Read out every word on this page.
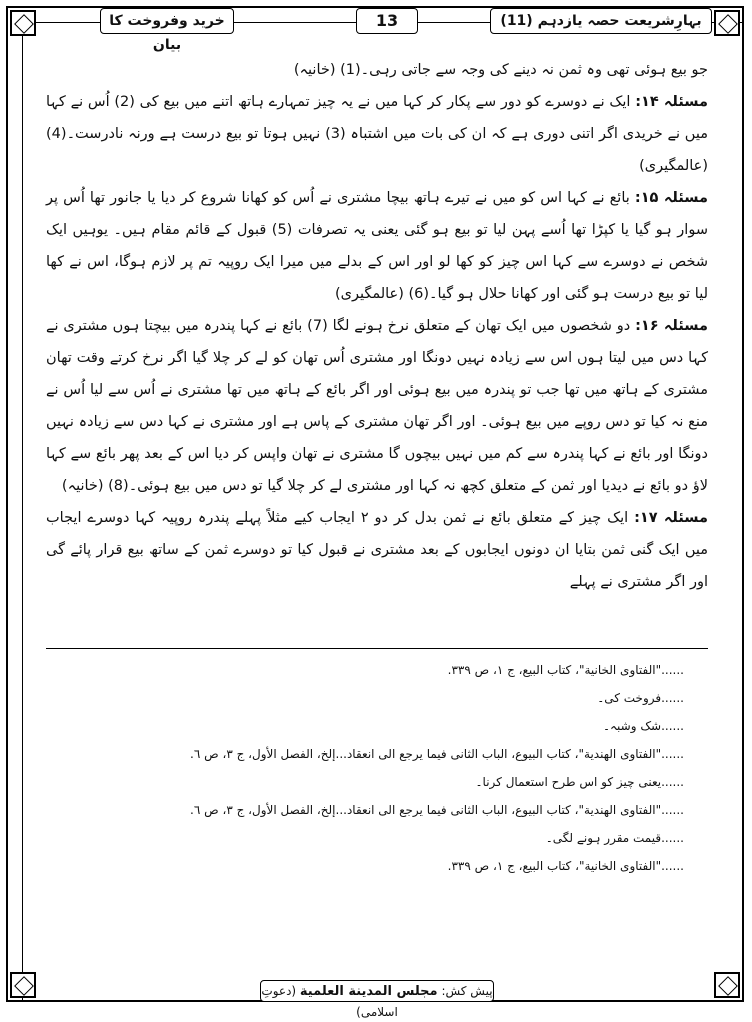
بہارِشریعت حصہ یازدہم (11)
13
خرید وفروخت کا بیان

جو بیع ہوئی تھی وہ ثمن نہ دینے کی وجہ سے جاتی رہی۔(1) (خانیہ)

مسئلہ ۱۴: ایک نے دوسرے کو دور سے پکار کر کہا میں نے یہ چیز تمہارے ہاتھ اتنے میں بیع کی (2) اُس نے کہا میں نے خریدی اگر اتنی دوری ہے کہ ان کی بات میں اشتباہ (3) نہیں ہوتا تو بیع درست ہے ورنہ نادرست۔(4) (عالمگیری)

مسئلہ ۱۵: بائع نے کہا اس کو میں نے تیرے ہاتھ بیچا مشتری نے اُس کو کھانا شروع کر دیا یا جانور تھا اُس پر سوار ہو گیا یا کپڑا تھا اُسے پہن لیا تو بیع ہو گئی یعنی یہ تصرفات (5) قبول کے قائم مقام ہیں۔ یوہیں ایک شخص نے دوسرے سے کہا اس چیز کو کھا لو اور اس کے بدلے میں میرا ایک روپیہ تم پر لازم ہوگا، اس نے کھا لیا تو بیع درست ہو گئی اور کھانا حلال ہو گیا۔(6) (عالمگیری)

مسئلہ ۱۶: دو شخصوں میں ایک تھان کے متعلق نرخ ہونے لگا (7) بائع نے کہا پندرہ میں بیچتا ہوں مشتری نے کہا دس میں لیتا ہوں اس سے زیادہ نہیں دونگا اور مشتری اُس تھان کو لے کر چلا گیا اگر نرخ کرتے وقت تھان مشتری کے ہاتھ میں تھا جب تو پندرہ میں بیع ہوئی اور اگر بائع کے ہاتھ میں تھا مشتری نے اُس سے لیا اُس نے منع نہ کیا تو دس روپے میں بیع ہوئی۔ اور اگر تھان مشتری کے پاس ہے اور مشتری نے کہا دس سے زیادہ نہیں دونگا اور بائع نے کہا پندرہ سے کم میں نہیں بیچوں گا مشتری نے تھان واپس کر دیا اس کے بعد پھر بائع سے کہا لاؤ دو بائع نے دیدیا اور ثمن کے متعلق کچھ نہ کہا اور مشتری لے کر چلا گیا تو دس میں بیع ہوئی۔(8) (خانیہ)

مسئلہ ۱۷: ایک چیز کے متعلق بائع نے ثمن بدل کر دو ۲ ایجاب کیے مثلاً پہلے پندرہ روپیہ کہا دوسرے ایجاب میں ایک گنی ثمن بتایا ان دونوں ایجابوں کے بعد مشتری نے قبول کیا تو دوسرے ثمن کے ساتھ بیع قرار پائے گی اور اگر مشتری نے پہلے

......"الفتاوی الخانیة"، کتاب البیع، ج ١، ص ٣٣٩.
......فروخت کی۔
......شک وشبہ۔
......"الفتاوی الهندیة"، کتاب البیوع، الباب الثانی فیما یرجع الی انعقاد...إلخ، الفصل الأول، ج ٣، ص ٦.
......یعنی چیز کو اس طرح استعمال کرنا۔
......"الفتاوی الهندیة"، کتاب البیوع، الباب الثانی فیما یرجع الی انعقاد...إلخ، الفصل الأول، ج ٣، ص ٦.
......قیمت مقرر ہونے لگی۔
......"الفتاوی الخانیة"، کتاب البیع، ج ١، ص ٣٣٩.
پیش کش: مجلس المدینة العلمیة (دعوتِ اسلامی)
